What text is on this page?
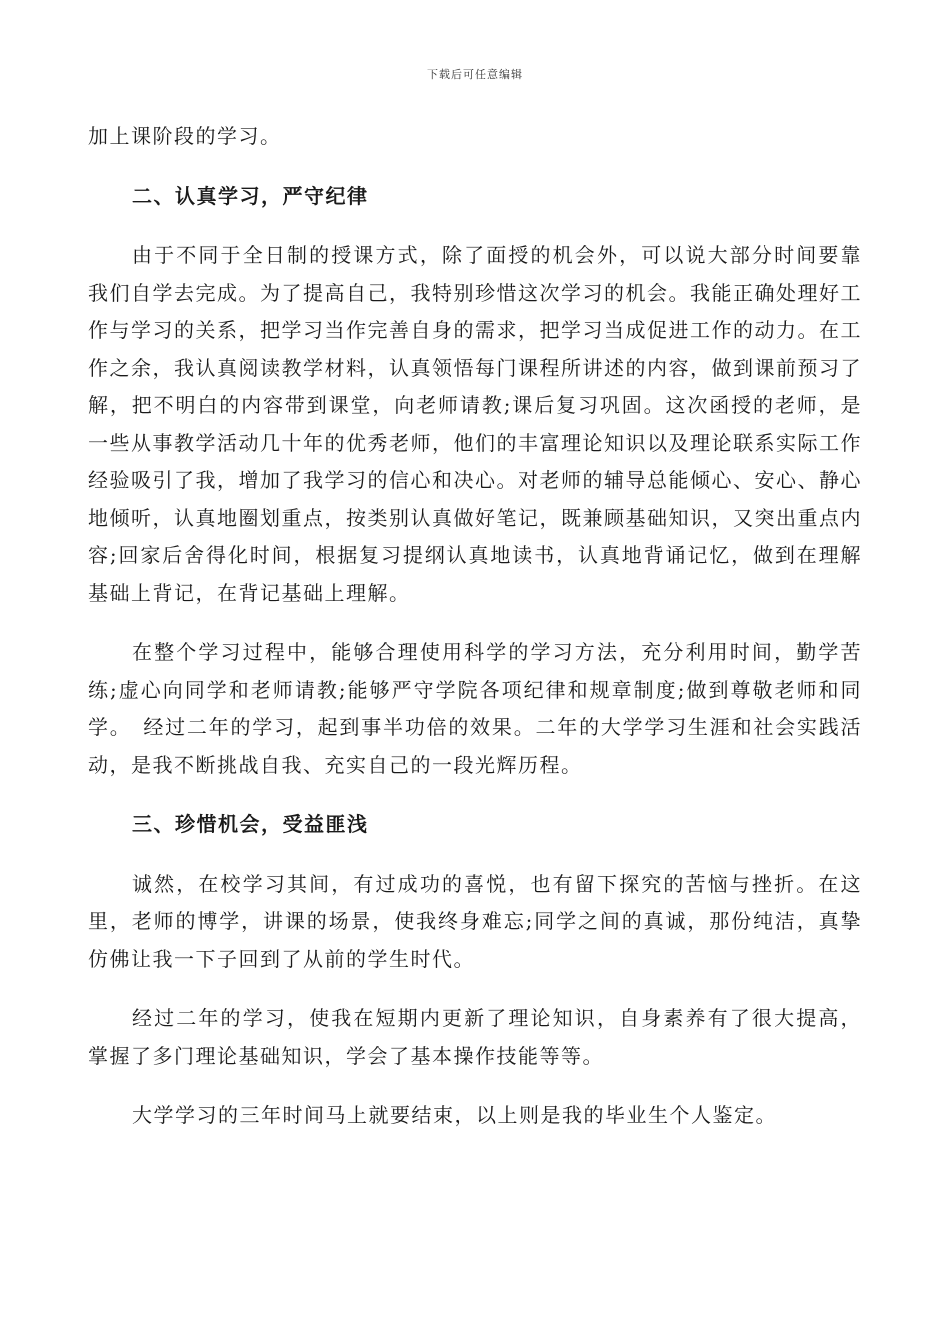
下载后可任意编辑

加上课阶段的学习。

二、认真学习，严守纪律

由于不同于全日制的授课方式，除了面授的机会外，可以说大部分时间要靠我们自学去完成。为了提高自己，我特别珍惜这次学习的机会。我能正确处理好工作与学习的关系，把学习当作完善自身的需求，把学习当成促进工作的动力。在工作之余，我认真阅读教学材料，认真领悟每门课程所讲述的内容，做到课前预习了解，把不明白的内容带到课堂，向老师请教;课后复习巩固。这次函授的老师，是一些从事教学活动几十年的优秀老师，他们的丰富理论知识以及理论联系实际工作经验吸引了我，增加了我学习的信心和决心。对老师的辅导总能倾心、安心、静心地倾听，认真地圈划重点，按类别认真做好笔记，既兼顾基础知识，又突出重点内容;回家后舍得化时间，根据复习提纲认真地读书，认真地背诵记忆，做到在理解基础上背记，在背记基础上理解。

在整个学习过程中，能够合理使用科学的学习方法，充分利用时间，勤学苦练;虚心向同学和老师请教;能够严守学院各项纪律和规章制度;做到尊敬老师和同学。　经过二年的学习，起到事半功倍的效果。二年的大学学习生涯和社会实践活动，是我不断挑战自我、充实自己的一段光辉历程。

三、珍惜机会，受益匪浅

诚然，在校学习其间，有过成功的喜悦，也有留下探究的苦恼与挫折。在这里，老师的博学，讲课的场景，使我终身难忘;同学之间的真诚，那份纯洁，真挚仿佛让我一下子回到了从前的学生时代。

经过二年的学习，使我在短期内更新了理论知识，自身素养有了很大提高，掌握了多门理论基础知识，学会了基本操作技能等等。

大学学习的三年时间马上就要结束，以上则是我的毕业生个人鉴定。
